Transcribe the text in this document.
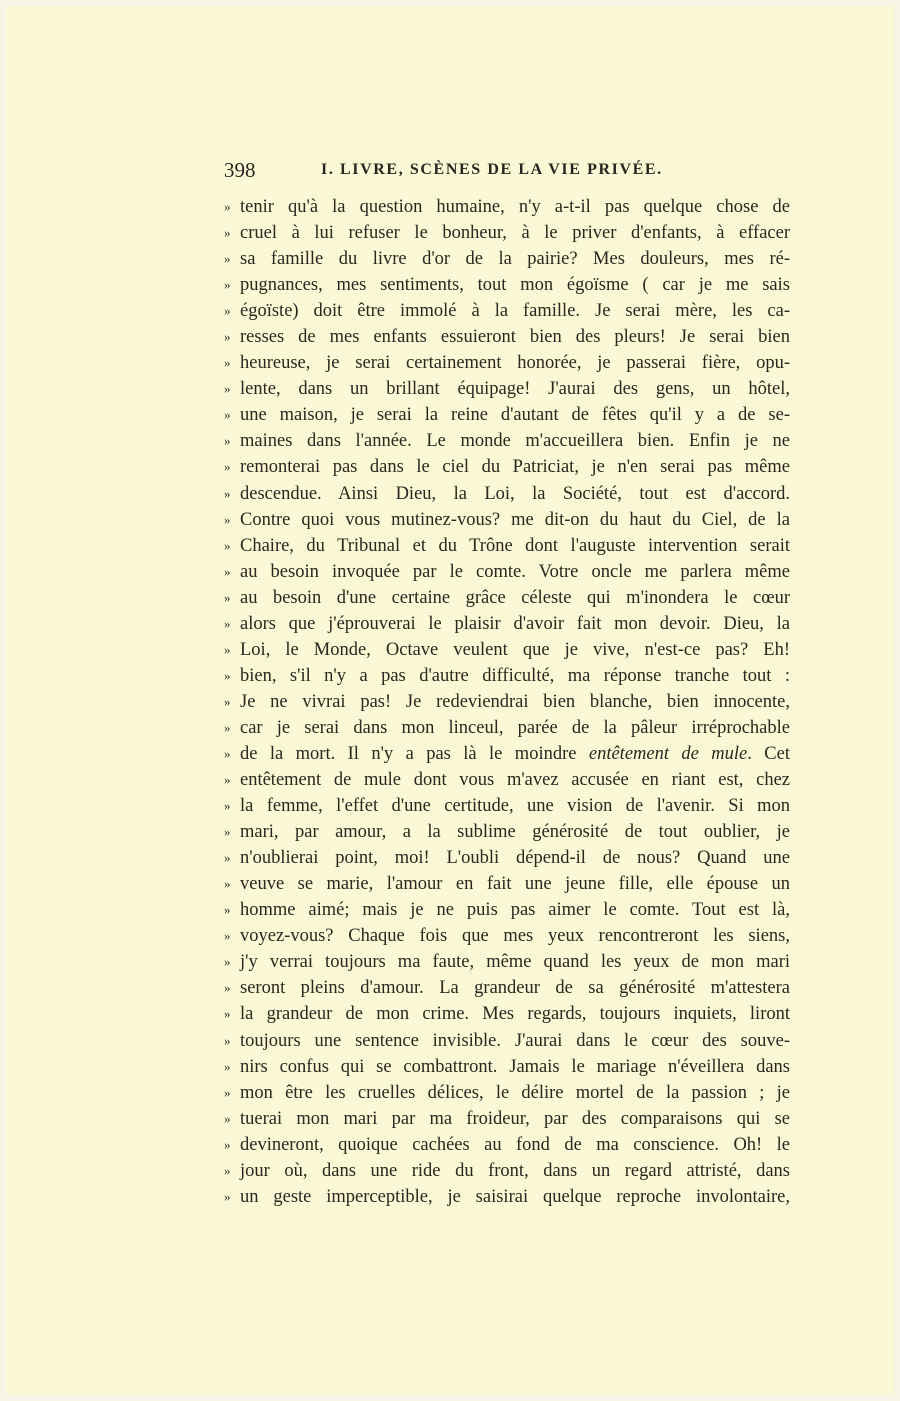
398	I. LIVRE, SCÈNES DE LA VIE PRIVÉE.
» tenir qu'à la question humaine, n'y a-t-il pas quelque chose de
» cruel à lui refuser le bonheur, à le priver d'enfants, à effacer
» sa famille du livre d'or de la pairie? Mes douleurs, mes ré-
» pugnances, mes sentiments, tout mon égoïsme ( car je me sais
» égoïste) doit être immolé à la famille. Je serai mère, les ca-
» resses de mes enfants essuieront bien des pleurs! Je serai bien
» heureuse, je serai certainement honorée, je passerai fière, opu-
» lente, dans un brillant équipage! J'aurai des gens, un hôtel,
» une maison, je serai la reine d'autant de fêtes qu'il y a de se-
» maines dans l'année. Le monde m'accueillera bien. Enfin je ne
» remonterai pas dans le ciel du Patriciat, je n'en serai pas même
» descendue. Ainsi Dieu, la Loi, la Société, tout est d'accord.
» Contre quoi vous mutinez-vous? me dit-on du haut du Ciel, de la
» Chaire, du Tribunal et du Trône dont l'auguste intervention serait
» au besoin invoquée par le comte. Votre oncle me parlera même
» au besoin d'une certaine grâce céleste qui m'inondera le cœur
» alors que j'éprouverai le plaisir d'avoir fait mon devoir. Dieu, la
» Loi, le Monde, Octave veulent que je vive, n'est-ce pas? Eh!
» bien, s'il n'y a pas d'autre difficulté, ma réponse tranche tout :
» Je ne vivrai pas! Je redeviendrai bien blanche, bien innocente,
» car je serai dans mon linceul, parée de la pâleur irréprochable
» de la mort. Il n'y a pas là le moindre entêtement de mule. Cet
» entêtement de mule dont vous m'avez accusée en riant est, chez
» la femme, l'effet d'une certitude, une vision de l'avenir. Si mon
» mari, par amour, a la sublime générosité de tout oublier, je
» n'oublierai point, moi! L'oubli dépend-il de nous? Quand une
» veuve se marie, l'amour en fait une jeune fille, elle épouse un
» homme aimé; mais je ne puis pas aimer le comte. Tout est là,
» voyez-vous? Chaque fois que mes yeux rencontreront les siens,
» j'y verrai toujours ma faute, même quand les yeux de mon mari
» seront pleins d'amour. La grandeur de sa générosité m'attestera
» la grandeur de mon crime. Mes regards, toujours inquiets, liront
» toujours une sentence invisible. J'aurai dans le cœur des souve-
» nirs confus qui se combattront. Jamais le mariage n'éveillera dans
» mon être les cruelles délices, le délire mortel de la passion ; je
» tuerai mon mari par ma froideur, par des comparaisons qui se
» devineront, quoique cachées au fond de ma conscience. Oh! le
» jour où, dans une ride du front, dans un regard attristé, dans
» un geste imperceptible, je saisirai quelque reproche involontaire,
